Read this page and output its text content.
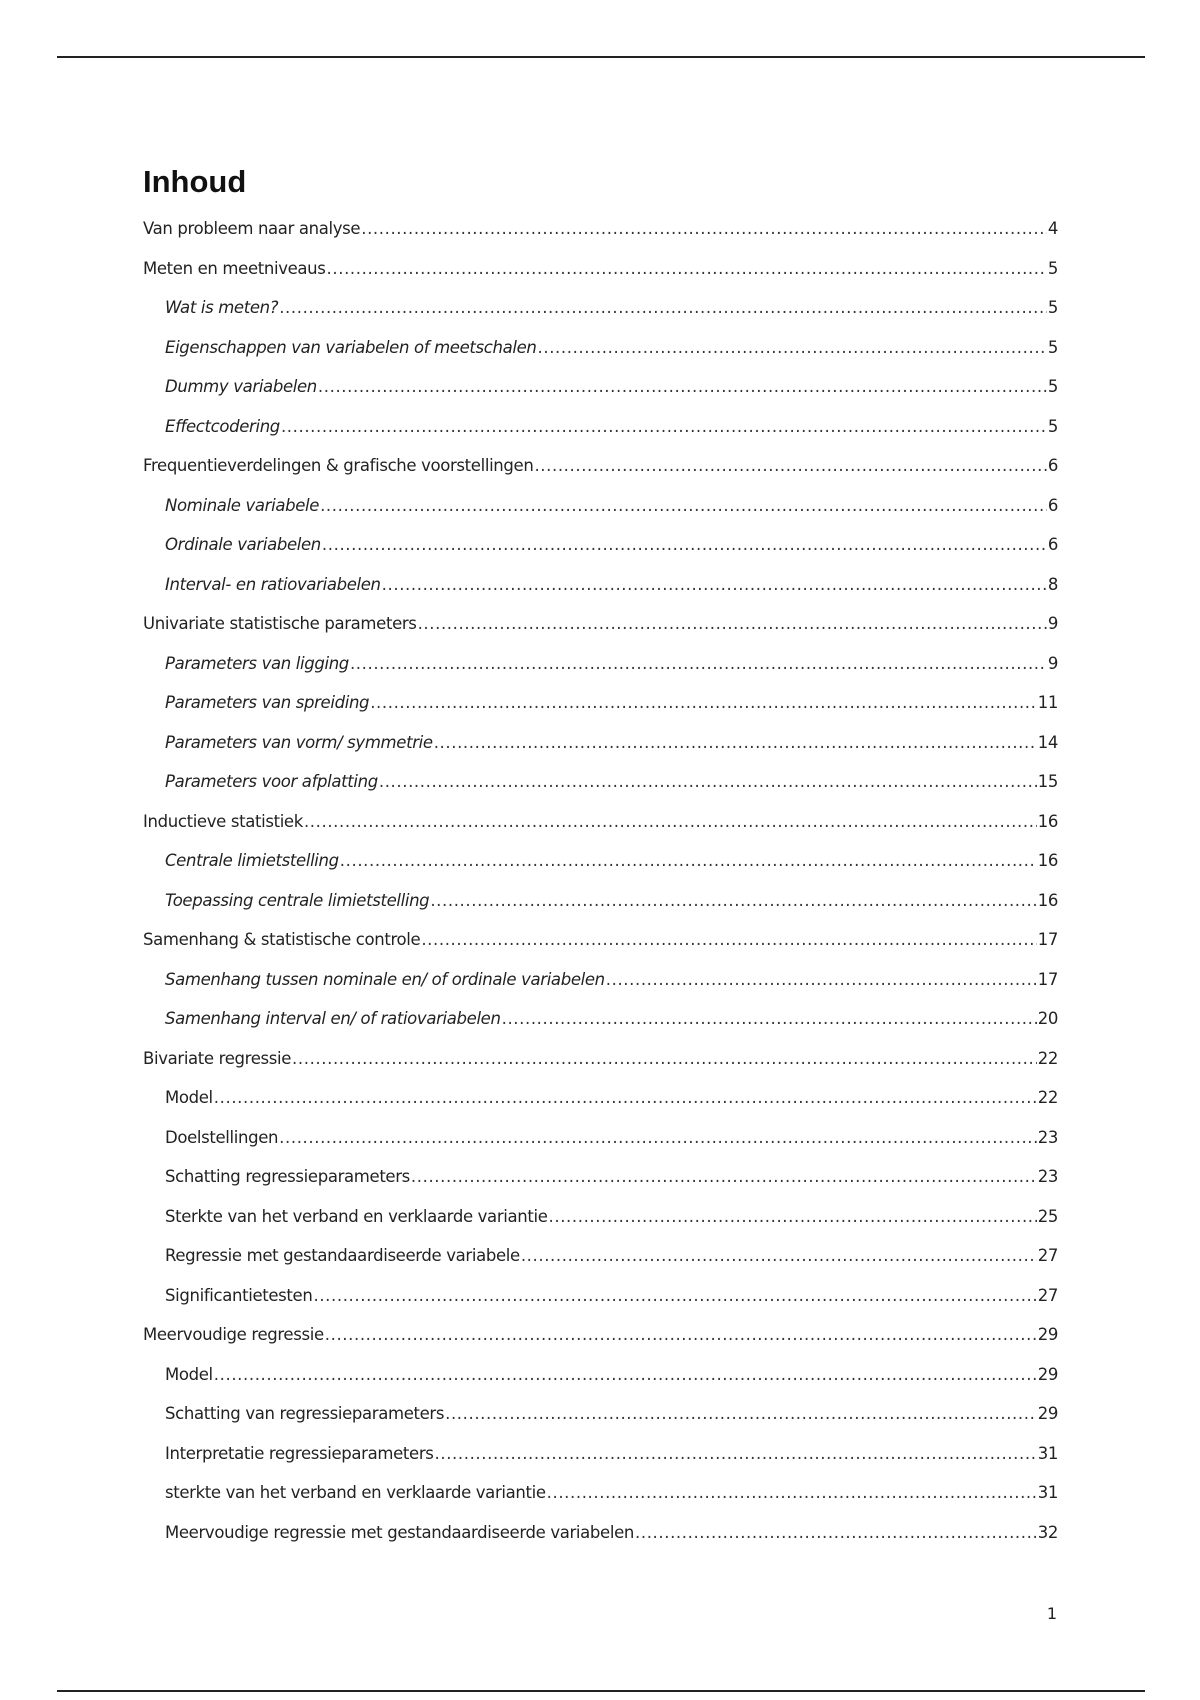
Inhoud
Van probleem naar analyse .....	4
Meten en meetniveaus .....	5
Wat is meten? .....	5
Eigenschappen van variabelen of meetschalen .....	5
Dummy variabelen .....	5
Effectcodering .....	5
Frequentieverdelingen & grafische voorstellingen .....	6
Nominale variabele .....	6
Ordinale variabelen .....	6
Interval- en ratiovariabelen .....	8
Univariate statistische parameters .....	9
Parameters van ligging .....	9
Parameters van spreiding .....	11
Parameters van vorm/ symmetrie .....	14
Parameters voor afplatting .....	15
Inductieve statistiek .....	16
Centrale limietstelling .....	16
Toepassing centrale limietstelling .....	16
Samenhang & statistische controle .....	17
Samenhang tussen nominale en/ of ordinale variabelen .....	17
Samenhang interval en/ of ratiovariabelen .....	20
Bivariate regressie .....	22
Model .....	22
Doelstellingen .....	23
Schatting regressieparameters .....	23
Sterkte van het verband en verklaarde variantie .....	25
Regressie met gestandaardiseerde variabele .....	27
Significantietesten .....	27
Meervoudige regressie .....	29
Model .....	29
Schatting van regressieparameters .....	29
Interpretatie regressieparameters .....	31
sterkte van het verband en verklaarde variantie .....	31
Meervoudige regressie met gestandaardiseerde variabelen .....	32
1
